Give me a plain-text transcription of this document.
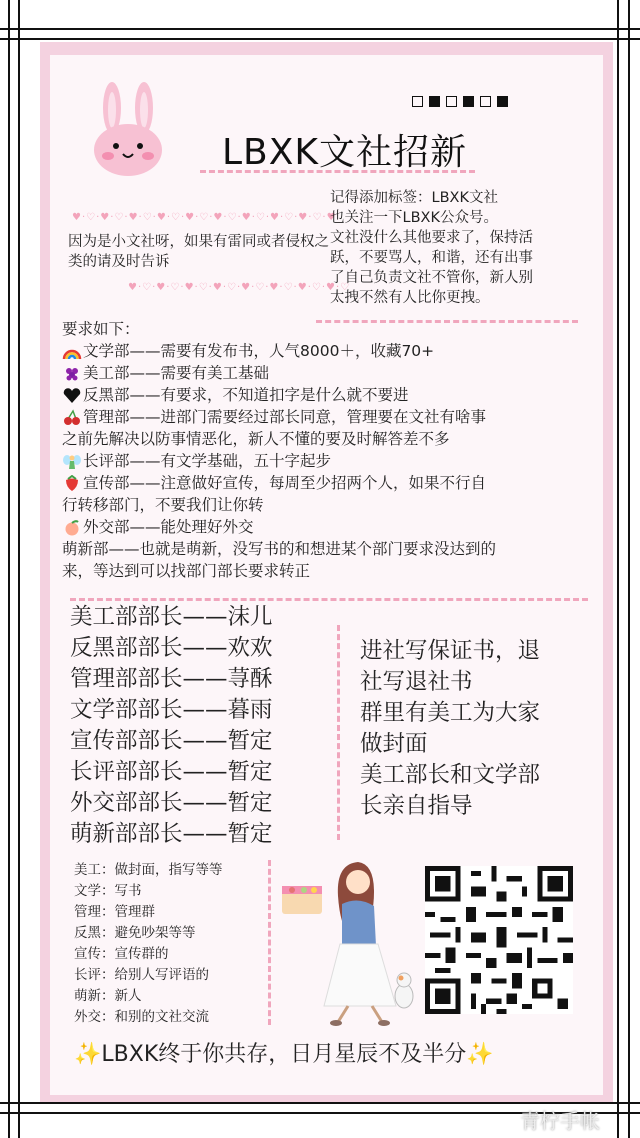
LBXK文社招新
♥·♡·♥·♡·♥·♡·♥·♡·♥·♡·♥·♡·♥·♡·♥·♡·♥·♡·♥
因为是小文社呀，如果有雷同或者侵权之类的请及时告诉
♥·♡·♥·♡·♥·♡·♥·♡·♥·♡·♥·♡·♥·♡·♥·♡
记得添加标签：LBXK文社
也关注一下LBXK公众号。
文社没什么其他要求了，保持活
跃，不要骂人，和谐，还有出事
了自己负责文社不管你，新人别
太拽不然有人比你更拽。
要求如下：
文学部——需要有发布书，人气8000＋，收藏70+
美工部——需要有美工基础
反黑部——有要求，不知道扣字是什么就不要进
管理部——进部门需要经过部长同意，管理要在文社有啥事
之前先解决以防事情恶化，新人不懂的要及时解答差不多
长评部——有文学基础，五十字起步
宣传部——注意做好宣传，每周至少招两个人，如果不行自
行转移部门，不要我们让你转
外交部——能处理好外交
萌新部——也就是萌新，没写书的和想进某个部门要求没达到的
来，等达到可以找部门部长要求转正
美工部部长——沫儿
反黑部部长——欢欢
管理部部长——荨酥
文学部部长——暮雨
宣传部部长——暂定
长评部部长——暂定
外交部部长——暂定
萌新部部长——暂定
进社写保证书，退
社写退社书
群里有美工为大家
做封面
美工部长和文学部
长亲自指导
美工：做封面，指写等等
文学：写书
管理：管理群
反黑：避免吵架等等
宣传：宣传群的
长评：给别人写评语的
萌新：新人
外交：和别的文社交流
✨LBXK终于你共存，日月星辰不及半分✨
青柠手帐
